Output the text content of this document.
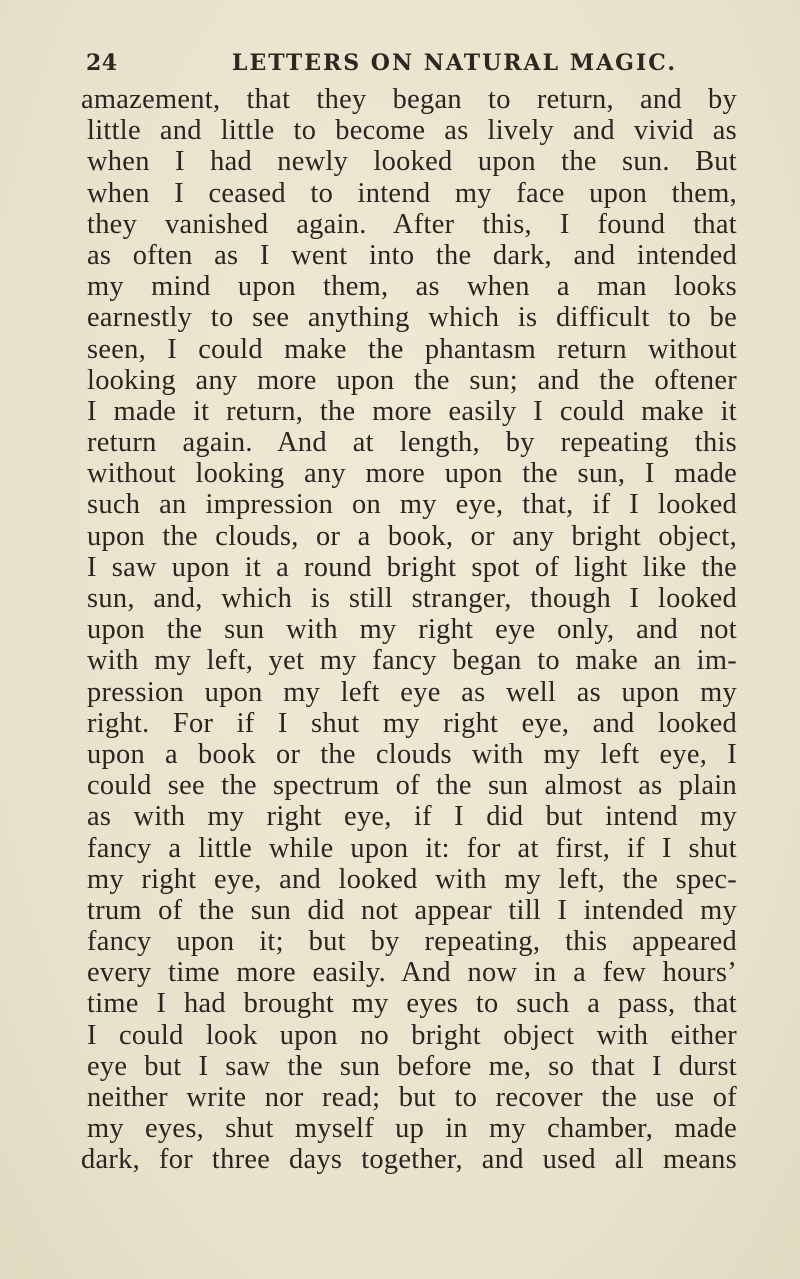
24	LETTERS ON NATURAL MAGIC.
amazement, that they began to return, and by
little and little to become as lively and vivid as
when I had newly looked upon the sun. But
when I ceased to intend my face upon them,
they vanished again. After this, I found that
as often as I went into the dark, and intended
my mind upon them, as when a man looks
earnestly to see anything which is difficult to be
seen, I could make the phantasm return without
looking any more upon the sun; and the oftener
I made it return, the more easily I could make it
return again. And at length, by repeating this
without looking any more upon the sun, I made
such an impression on my eye, that, if I looked
upon the clouds, or a book, or any bright object,
I saw upon it a round bright spot of light like the
sun, and, which is still stranger, though I looked
upon the sun with my right eye only, and not
with my left, yet my fancy began to make an im-
pression upon my left eye as well as upon my
right. For if I shut my right eye, and looked
upon a book or the clouds with my left eye, I
could see the spectrum of the sun almost as plain
as with my right eye, if I did but intend my
fancy a little while upon it: for at first, if I shut
my right eye, and looked with my left, the spec-
trum of the sun did not appear till I intended my
fancy upon it; but by repeating, this appeared
every time more easily. And now in a few hours’
time I had brought my eyes to such a pass, that
I could look upon no bright object with either
eye but I saw the sun before me, so that I durst
neither write nor read; but to recover the use of
my eyes, shut myself up in my chamber, made
dark, for three days together, and used all means
